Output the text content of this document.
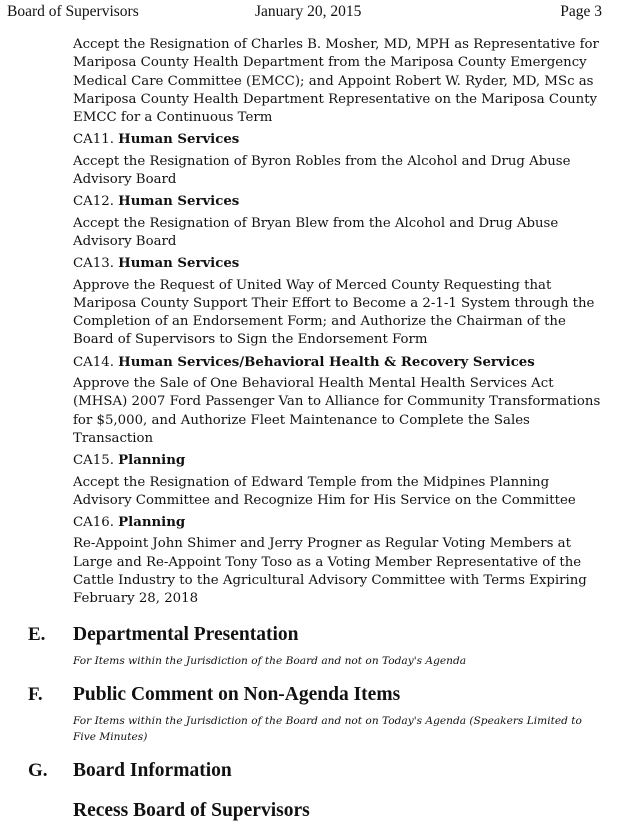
Board of Supervisors	January 20, 2015	Page 3
Accept the Resignation of Charles B. Mosher, MD, MPH as Representative for Mariposa County Health Department from the Mariposa County Emergency Medical Care Committee (EMCC); and Appoint Robert W. Ryder, MD, MSc as Mariposa County Health Department Representative on the Mariposa County EMCC for a Continuous Term
CA11. Human Services
Accept the Resignation of Byron Robles from the Alcohol and Drug Abuse Advisory Board
CA12. Human Services
Accept the Resignation of Bryan Blew from the Alcohol and Drug Abuse Advisory Board
CA13. Human Services
Approve the Request of United Way of Merced County Requesting that Mariposa County Support Their Effort to Become a 2-1-1 System through the Completion of an Endorsement Form; and Authorize the Chairman of the Board of Supervisors to Sign the Endorsement Form
CA14. Human Services/Behavioral Health & Recovery Services
Approve the Sale of One Behavioral Health Mental Health Services Act (MHSA) 2007 Ford Passenger Van to Alliance for Community Transformations for $5,000, and Authorize Fleet Maintenance to Complete the Sales Transaction
CA15. Planning
Accept the Resignation of Edward Temple from the Midpines Planning Advisory Committee and Recognize Him for His Service on the Committee
CA16. Planning
Re-Appoint John Shimer and Jerry Progner as Regular Voting Members at Large and Re-Appoint Tony Toso as a Voting Member Representative of the Cattle Industry to the Agricultural Advisory Committee with Terms Expiring February 28, 2018
E. Departmental Presentation
For Items within the Jurisdiction of the Board and not on Today's Agenda
F. Public Comment on Non-Agenda Items
For Items within the Jurisdiction of the Board and not on Today's Agenda (Speakers Limited to Five Minutes)
G. Board Information
Recess Board of Supervisors
